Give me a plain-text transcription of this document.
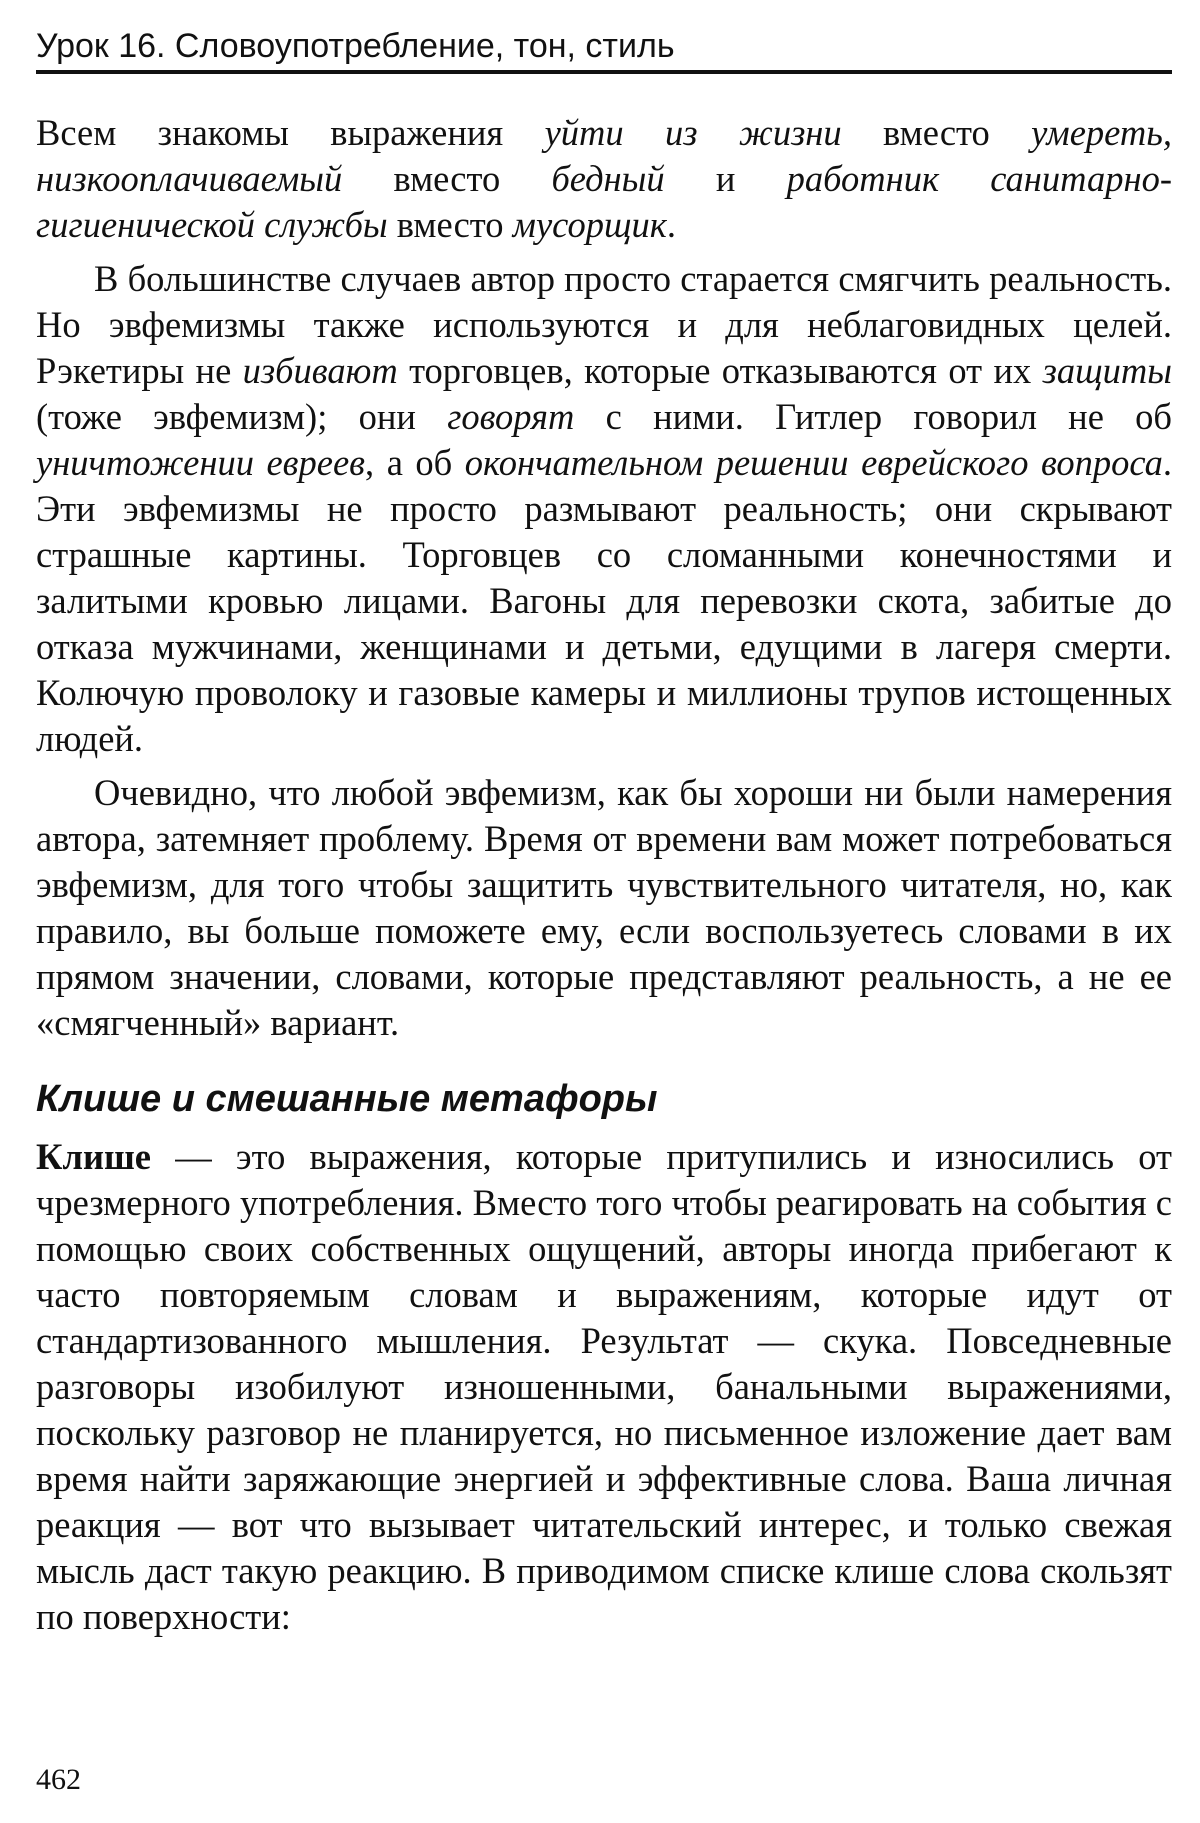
Урок 16. Словоупотребление, тон, стиль

Всем знакомы выражения уйти из жизни вместо умереть, низкооплачиваемый вместо бедный и работник санитарно-гигиенической службы вместо мусорщик.

В большинстве случаев автор просто старается смягчить реальность. Но эвфемизмы также используются и для неблаговидных целей. Рэкетиры не избивают торговцев, которые отказываются от их защиты (тоже эвфемизм); они говорят с ними. Гитлер говорил не об уничтожении евреев, а об окончательном решении еврейского вопроса. Эти эвфемизмы не просто размывают реальность; они скрывают страшные картины. Торговцев со сломанными конечностями и залитыми кровью лицами. Вагоны для перевозки скота, забитые до отказа мужчинами, женщинами и детьми, едущими в лагеря смерти. Колючую проволоку и газовые камеры и миллионы трупов истощенных людей.

Очевидно, что любой эвфемизм, как бы хороши ни были намерения автора, затемняет проблему. Время от времени вам может потребоваться эвфемизм, для того чтобы защитить чувствительного читателя, но, как правило, вы больше поможете ему, если воспользуетесь словами в их прямом значении, словами, которые представляют реальность, а не ее «смягченный» вариант.

Клише и смешанные метафоры

Клише — это выражения, которые притупились и износились от чрезмерного употребления. Вместо того чтобы реагировать на события с помощью своих собственных ощущений, авторы иногда прибегают к часто повторяемым словам и выражениям, которые идут от стандартизованного мышления. Результат — скука. Повседневные разговоры изобилуют изношенными, банальными выражениями, поскольку разговор не планируется, но письменное изложение дает вам время найти заряжающие энергией и эффективные слова. Ваша личная реакция — вот что вызывает читательский интерес, и только свежая мысль даст такую реакцию. В приводимом списке клише слова скользят по поверхности:

462
